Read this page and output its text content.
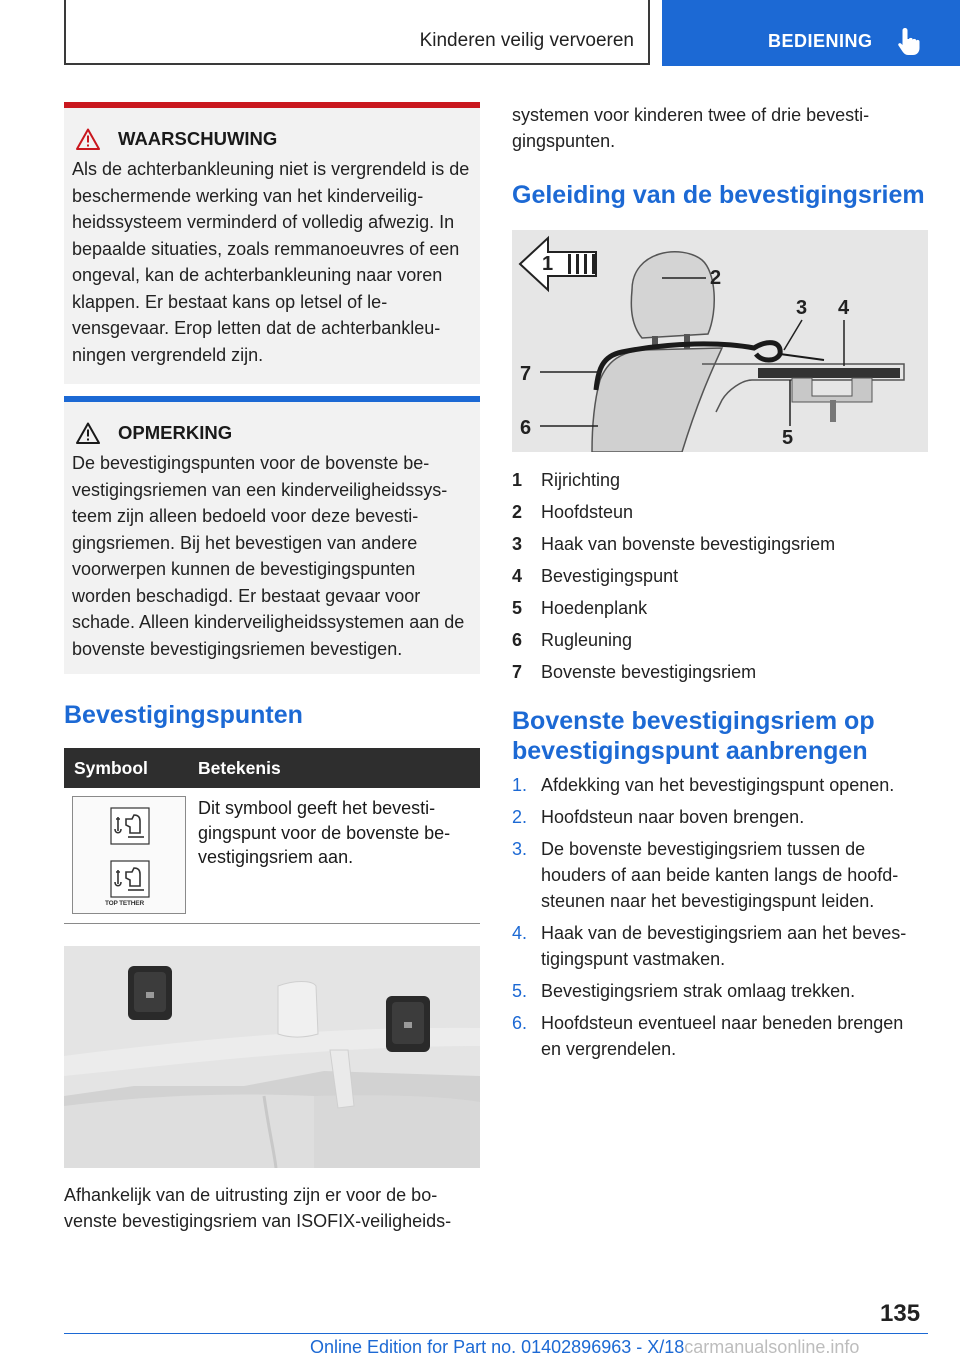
Kinderen veilig vervoeren	BEDIENING
WAARSCHUWING

Als de achterbankleuning niet is vergrendeld is de beschermende werking van het kinderveilig-heidssysteem verminderd of volledig afwezig. In bepaalde situaties, zoals remmanoeuvres of een ongeval, kan de achterbankleuning naar voren klappen. Er bestaat kans op letsel of le-vensgevaar. Erop letten dat de achterbankleu-ningen vergrendeld zijn.

OPMERKING

De bevestigingspunten voor de bovenste be-vestigingsriemen van een kinderveiligheidssys-teem zijn alleen bedoeld voor deze bevesti-gingsriemen. Bij het bevestigen van andere voorwerpen kunnen de bevestigingspunten worden beschadigd. Er bestaat gevaar voor schade. Alleen kinderveiligheidssystemen aan de bovenste bevestigingsriemen bevestigen.

Bevestigingspunten
Symbool	Betekenis
TOP TETHER
Dit symbool geeft het bevesti-gingspunt voor de bovenste be-vestigingsriem aan.

Afhankelijk van de uitrusting zijn er voor de bo-venste bevestigingsriem van ISOFIX-veiligheids-

systemen voor kinderen twee of drie bevesti-gingspunten.

Geleiding van de bevestigingsriem
1
2
3 4
5
6
7
1	Rijrichting
2	Hoofdsteun
3	Haak van bovenste bevestigingsriem
4	Bevestigingspunt
5	Hoedenplank
6	Rugleuning
7	Bovenste bevestigingsriem
Bovenste bevestigingsriem op bevestigingspunt aanbrengen
1. Afdekking van het bevestigingspunt openen.
2. Hoofdsteun naar boven brengen.
3. De bovenste bevestigingsriem tussen de houders of aan beide kanten langs de hoofd-steunen naar het bevestigingspunt leiden.
4. Haak van de bevestigingsriem aan het beves-tigingspunt vastmaken.
5. Bevestigingsriem strak omlaag trekken.
6. Hoofdsteun eventueel naar beneden brengen en vergrendelen.
135
Online Edition for Part no. 01402896963 - X/18carmanualsonline.info
